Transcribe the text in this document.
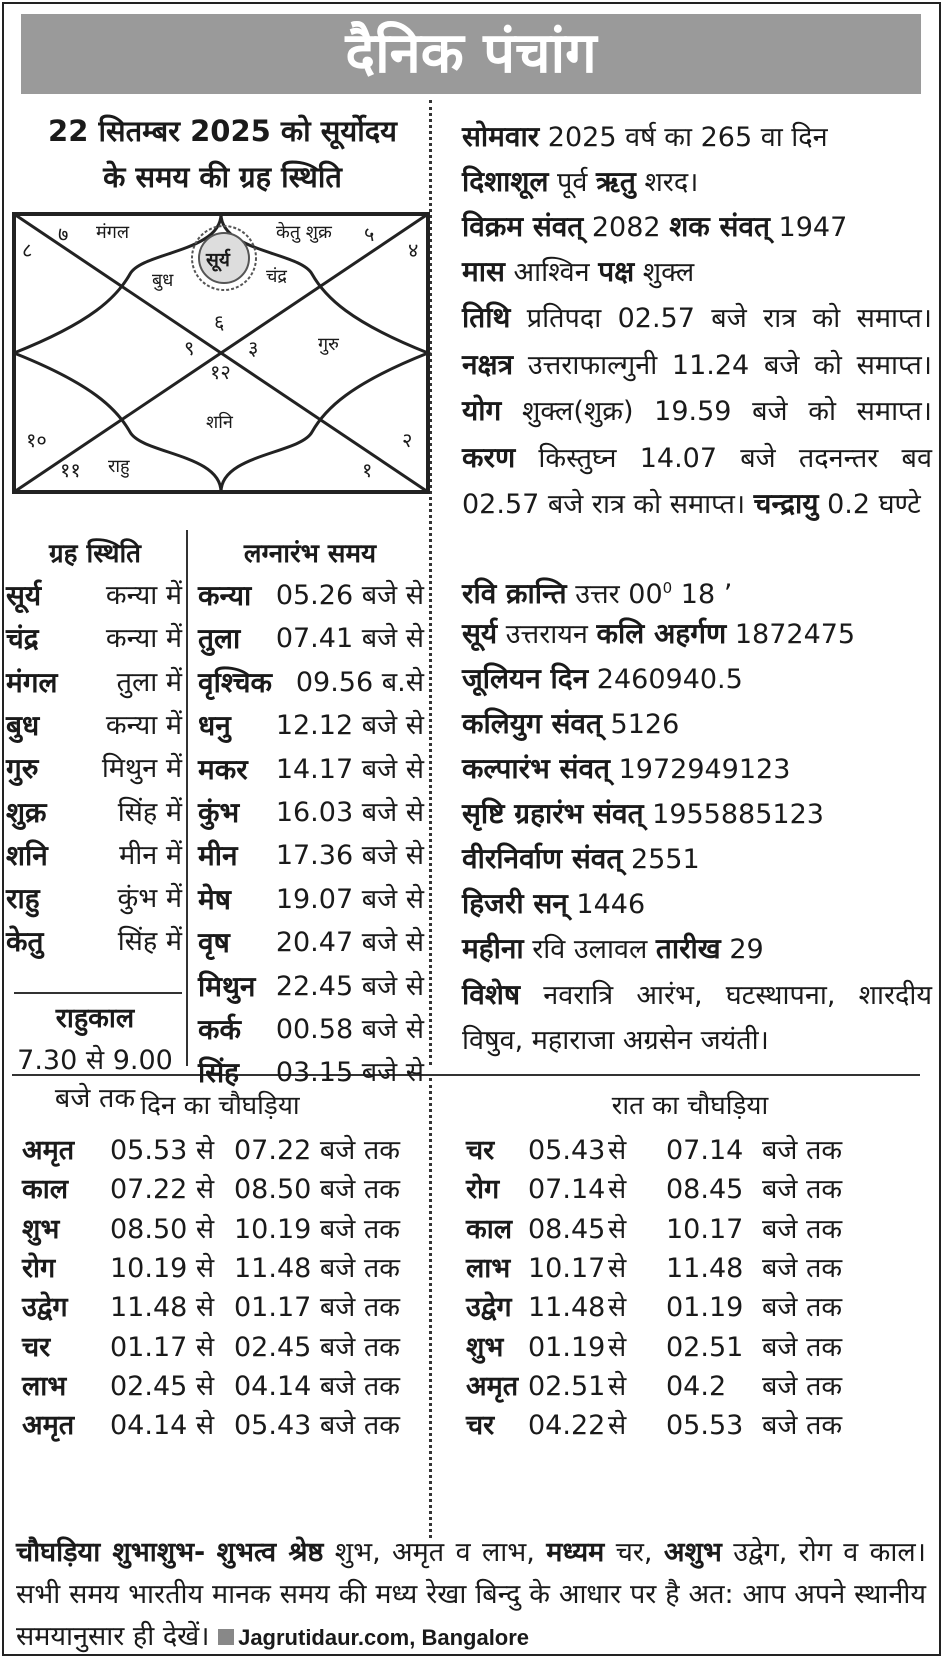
दैनिक पंचांग
22 सितम्बर 2025 को सूर्योदय
के समय की ग्रह स्थिति
७ मंगल	केतु शुक्र ५
८	४
सूर्य
बुध	चंद्र
६
९	३	गुरु
१२
शनि
१०	२
११ राहु	१
ग्रह स्थिति
सूर्य कन्या में
चंद्र कन्या में
मंगल तुला में
बुध कन्या में
गुरु मिथुन में
शुक्र	सिंह में
शनि	मीन में
राहु	कुंभ में
केतु	सिंह में
राहुकाल
7.30 से 9.00
बजे तक
लग्नारंभ समय
कन्या 05.26 बजे से
तुला 07.41 बजे से
वृश्चिक 09.56 ब.से
धनु 12.12 बजे से
मकर 14.17 बजे से
कुंभ 16.03 बजे से
मीन 17.36 बजे से
मेष 19.07 बजे से
वृष 20.47 बजे से
मिथुन 22.45 बजे से
कर्क 00.58 बजे से
सिंह 03.15 बजे से
सोमवार 2025 वर्ष का 265 वा दिन
दिशाशूल पूर्व ऋतु शरद।
विक्रम संवत् 2082 शक संवत् 1947
मास आश्विन पक्ष शुक्ल
तिथि प्रतिपदा 02.57 बजे रात्र को समाप्त। नक्षत्र उत्तराफाल्गुनी 11.24 बजे को समाप्त। योग शुक्ल(शुक्र) 19.59 बजे को समाप्त। करण किस्तुघ्न 14.07 बजे तदनन्तर बव 02.57 बजे रात्र को समाप्त। चन्द्रायु 0.2 घण्टे
रवि क्रान्ति उत्तर $00^0$ 18 ’
सूर्य उत्तरायन कलि अहर्गण 1872475
जूलियन दिन 2460940.5
कलियुग संवत् 5126
कल्पारंभ संवत् 1972949123
सृष्टि ग्रहारंभ संवत् 1955885123
वीरनिर्वाण संवत् 2551
हिजरी सन् 1446
महीना रवि उलावल तारीख 29
विशेष नवरात्रि आरंभ, घटस्थापना, शारदीय विषुव, महाराजा अग्रसेन जयंती।
दिन का चौघड़िया	रात का चौघड़िया
अमृत 05.53 से 07.22 बजे तक
काल 07.22 से 08.50 बजे तक
शुभ 08.50 से 10.19 बजे तक
रोग 10.19 से 11.48 बजे तक
उद्वेग 11.48 से 01.17 बजे तक
चर 01.17 से 02.45 बजे तक
लाभ 02.45 से 04.14 बजे तक
अमृत 04.14 से 05.43 बजे तक
चर 05.43 से 07.14 बजे तक
रोग 07.14 से 08.45 बजे तक
काल 08.45 से 10.17 बजे तक
लाभ 10.17 से 11.48 बजे तक
उद्वेग 11.48 से 01.19 बजे तक
शुभ 01.19 से 02.51 बजे तक
अमृत 02.51 से 04.2 बजे तक
चर 04.22 से 05.53 बजे तक
चौघड़िया शुभाशुभ- शुभत्व श्रेष्ठ शुभ, अमृत व लाभ, मध्यम चर, अशुभ उद्वेग, रोग व काल। सभी समय भारतीय मानक समय की मध्य रेखा बिन्दु के आधार पर है अत: आप अपने स्थानीय समयानुसार ही देखें। Jagrutidaur.com, Bangalore
